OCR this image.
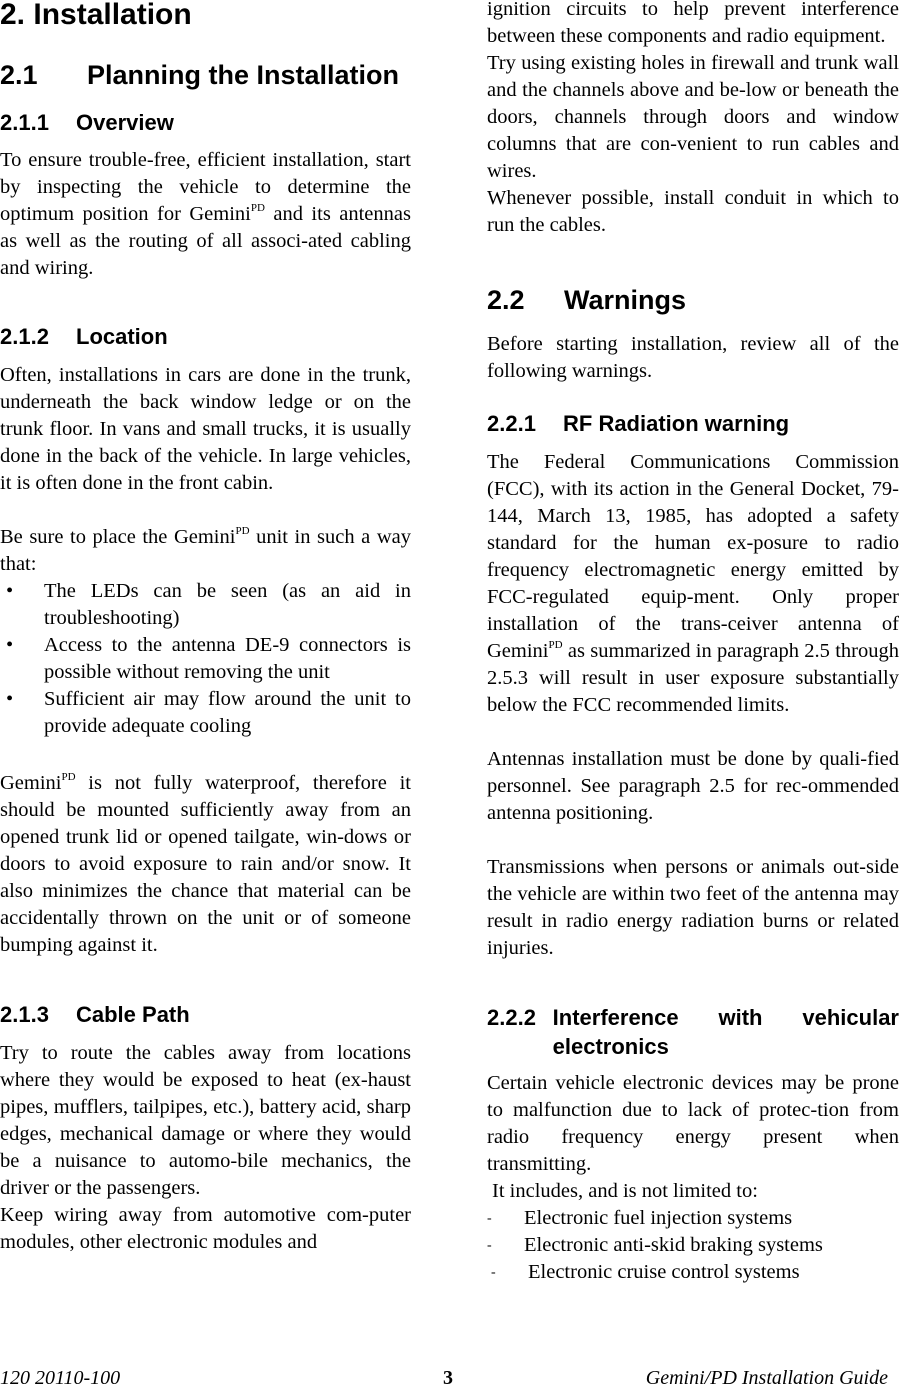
2. Installation
2.1	Planning the Installation
2.1.1	Overview

To ensure trouble-free, efficient installation, start by inspecting the vehicle to determine the optimum position for Gemini$^{PD}$ and its antennas as well as the routing of all associ-ated cabling and wiring.

2.1.2	Location

Often, installations in cars are done in the trunk, underneath the back window ledge or on the trunk floor. In vans and small trucks, it is usually done in the back of the vehicle. In large vehicles, it is often done in the front cabin.

Be sure to place the Gemini$^{PD}$ unit in such a way that:

•	The LEDs can be seen (as an aid in troubleshooting)
•	Access to the antenna DE-9 connectors is possible without removing the unit
•	Sufficient air may flow around the unit to provide adequate cooling

Gemini$^{PD}$ is not fully waterproof, therefore it should be mounted sufficiently away from an opened trunk lid or opened tailgate, win-dows or doors to avoid exposure to rain and/or snow. It also minimizes the chance that material can be accidentally thrown on the unit or of someone bumping against it.

2.1.3	Cable Path

Try to route the cables away from locations where they would be exposed to heat (ex-haust pipes, mufflers, tailpipes, etc.), battery acid, sharp edges, mechanical damage or where they would be a nuisance to automo-bile mechanics, the driver or the passengers.

Keep wiring away from automotive com-puter modules, other electronic modules and

ignition circuits to help prevent interference between these components and radio equipment.

Try using existing holes in firewall and trunk wall and the channels above and be-low or beneath the doors, channels through doors and window columns that are con-venient to run cables and wires.

Whenever possible, install conduit in which to run the cables.

2.2	Warnings

Before starting installation, review all of the following warnings.

2.2.1	RF Radiation warning

The Federal Communications Commission (FCC), with its action in the General Docket, 79-144, March 13, 1985, has adopted a safety standard for the human ex-posure to radio frequency electromagnetic energy emitted by FCC-regulated equip-ment. Only proper installation of the trans-ceiver antenna of Gemini$^{PD}$ as summarized in paragraph 2.5 through 2.5.3 will result in user exposure substantially below the FCC recommended limits.

Antennas installation must be done by quali-fied personnel. See paragraph 2.5 for rec-ommended antenna positioning.

Transmissions when persons or animals out-side the vehicle are within two feet of the antenna may result in radio energy radiation burns or related injuries.

2.2.2 Interference with vehicular electronics

Certain vehicle electronic devices may be prone to malfunction due to lack of protec-tion from radio frequency energy present when transmitting.

It includes, and is not limited to:

-	Electronic fuel injection systems
-	Electronic anti-skid braking systems
-	Electronic cruise control systems
120 20110-100	3	Gemini/PD Installation Guide
